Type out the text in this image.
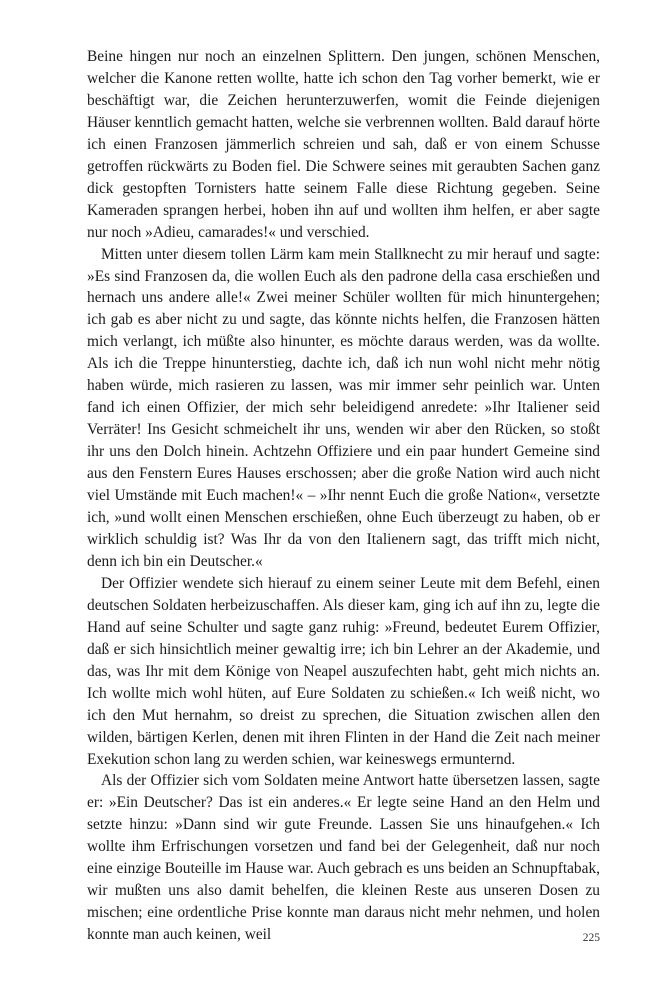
Beine hingen nur noch an einzelnen Splittern. Den jungen, schönen Menschen, welcher die Kanone retten wollte, hatte ich schon den Tag vorher bemerkt, wie er beschäftigt war, die Zeichen herunterzuwerfen, womit die Feinde diejenigen Häuser kenntlich gemacht hatten, welche sie verbrennen wollten. Bald darauf hörte ich einen Franzosen jämmerlich schreien und sah, daß er von einem Schusse getroffen rückwärts zu Boden fiel. Die Schwere seines mit geraubten Sachen ganz dick gestopften Tornisters hatte seinem Falle diese Richtung gegeben. Seine Kameraden sprangen herbei, hoben ihn auf und wollten ihm helfen, er aber sagte nur noch »Adieu, camarades!« und verschied.

Mitten unter diesem tollen Lärm kam mein Stallknecht zu mir herauf und sagte: »Es sind Franzosen da, die wollen Euch als den padrone della casa erschießen und hernach uns andere alle!« Zwei meiner Schüler wollten für mich hinuntergehen; ich gab es aber nicht zu und sagte, das könnte nichts helfen, die Franzosen hätten mich verlangt, ich müßte also hinunter, es möchte daraus werden, was da wollte. Als ich die Treppe hinunterstieg, dachte ich, daß ich nun wohl nicht mehr nötig haben würde, mich rasieren zu lassen, was mir immer sehr peinlich war. Unten fand ich einen Offizier, der mich sehr beleidigend anredete: »Ihr Italiener seid Verräter! Ins Gesicht schmeichelt ihr uns, wenden wir aber den Rücken, so stoßt ihr uns den Dolch hinein. Achtzehn Offiziere und ein paar hundert Gemeine sind aus den Fenstern Eures Hauses erschossen; aber die große Nation wird auch nicht viel Umstände mit Euch machen!« – »Ihr nennt Euch die große Nation«, versetzte ich, »und wollt einen Menschen erschießen, ohne Euch überzeugt zu haben, ob er wirklich schuldig ist? Was Ihr da von den Italienern sagt, das trifft mich nicht, denn ich bin ein Deutscher.«

Der Offizier wendete sich hierauf zu einem seiner Leute mit dem Befehl, einen deutschen Soldaten herbeizuschaffen. Als dieser kam, ging ich auf ihn zu, legte die Hand auf seine Schulter und sagte ganz ruhig: »Freund, bedeutet Eurem Offizier, daß er sich hinsichtlich meiner gewaltig irre; ich bin Lehrer an der Akademie, und das, was Ihr mit dem Könige von Neapel auszufechten habt, geht mich nichts an. Ich wollte mich wohl hüten, auf Eure Soldaten zu schießen.« Ich weiß nicht, wo ich den Mut hernahm, so dreist zu sprechen, die Situation zwischen allen den wilden, bärtigen Kerlen, denen mit ihren Flinten in der Hand die Zeit nach meiner Exekution schon lang zu werden schien, war keineswegs ermunternd.

Als der Offizier sich vom Soldaten meine Antwort hatte übersetzen lassen, sagte er: »Ein Deutscher? Das ist ein anderes.« Er legte seine Hand an den Helm und setzte hinzu: »Dann sind wir gute Freunde. Lassen Sie uns hinaufgehen.« Ich wollte ihm Erfrischungen vorsetzen und fand bei der Gelegenheit, daß nur noch eine einzige Bouteille im Hause war. Auch gebrach es uns beiden an Schnupftabak, wir mußten uns also damit behelfen, die kleinen Reste aus unseren Dosen zu mischen; eine ordentliche Prise konnte man daraus nicht mehr nehmen, und holen konnte man auch keinen, weil	225
